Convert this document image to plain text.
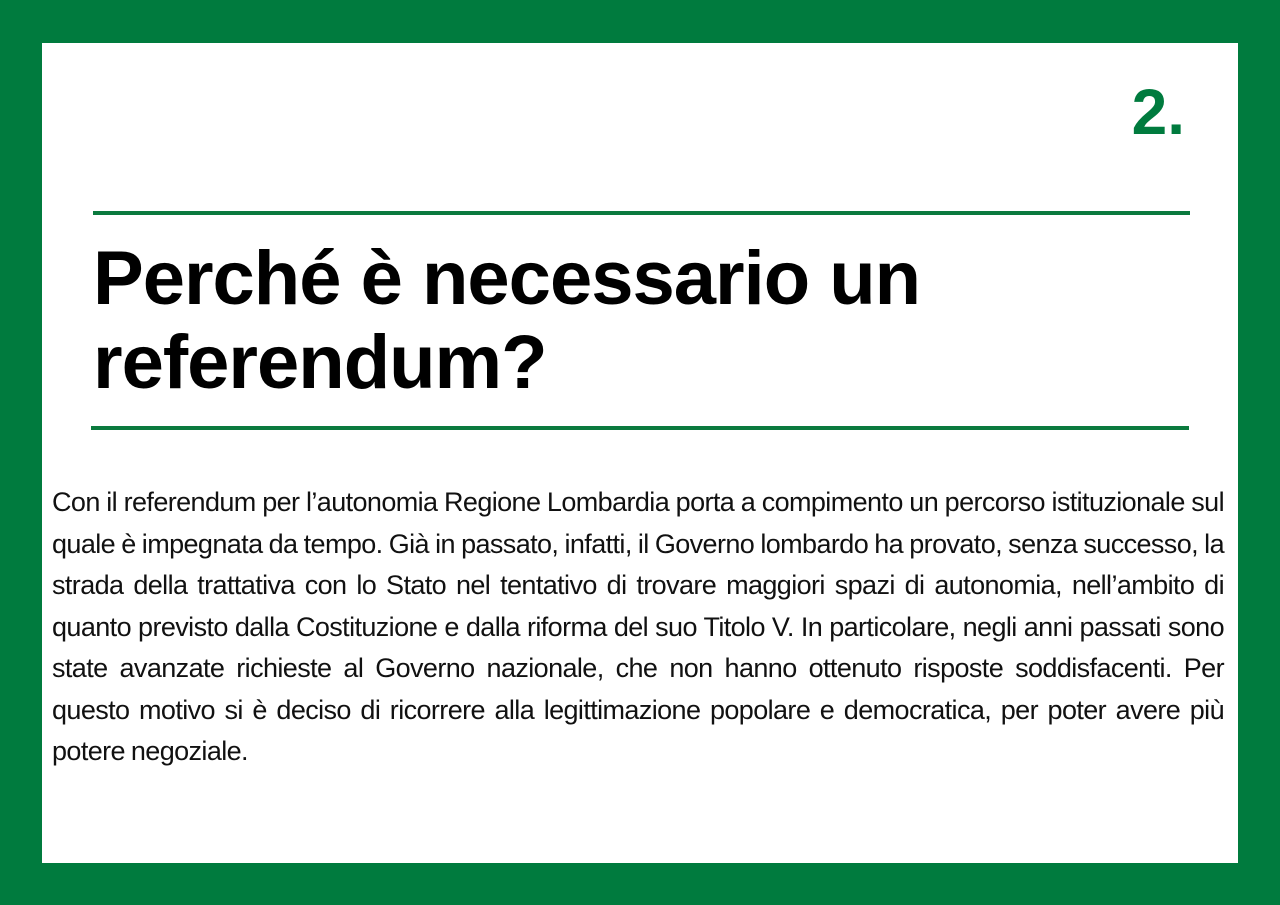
2.
Perché è necessario un referendum?

Con il referendum per l’autonomia Regione Lombardia porta a compimento un percorso istituzionale sul quale è impegnata da tempo. Già in passato, infatti, il Governo lombardo ha provato, senza successo, la strada della trattativa con lo Stato nel tentativo di trovare maggiori spazi di autonomia, nell’ambito di quanto previsto dalla Costituzione e dalla riforma del suo Titolo V. In particolare, negli anni passati sono state avanzate richieste al Governo nazionale, che non hanno ottenuto risposte soddisfacenti. Per questo motivo si è deciso di ricorrere alla legittimazione popolare e democratica, per poter avere più potere negoziale.
